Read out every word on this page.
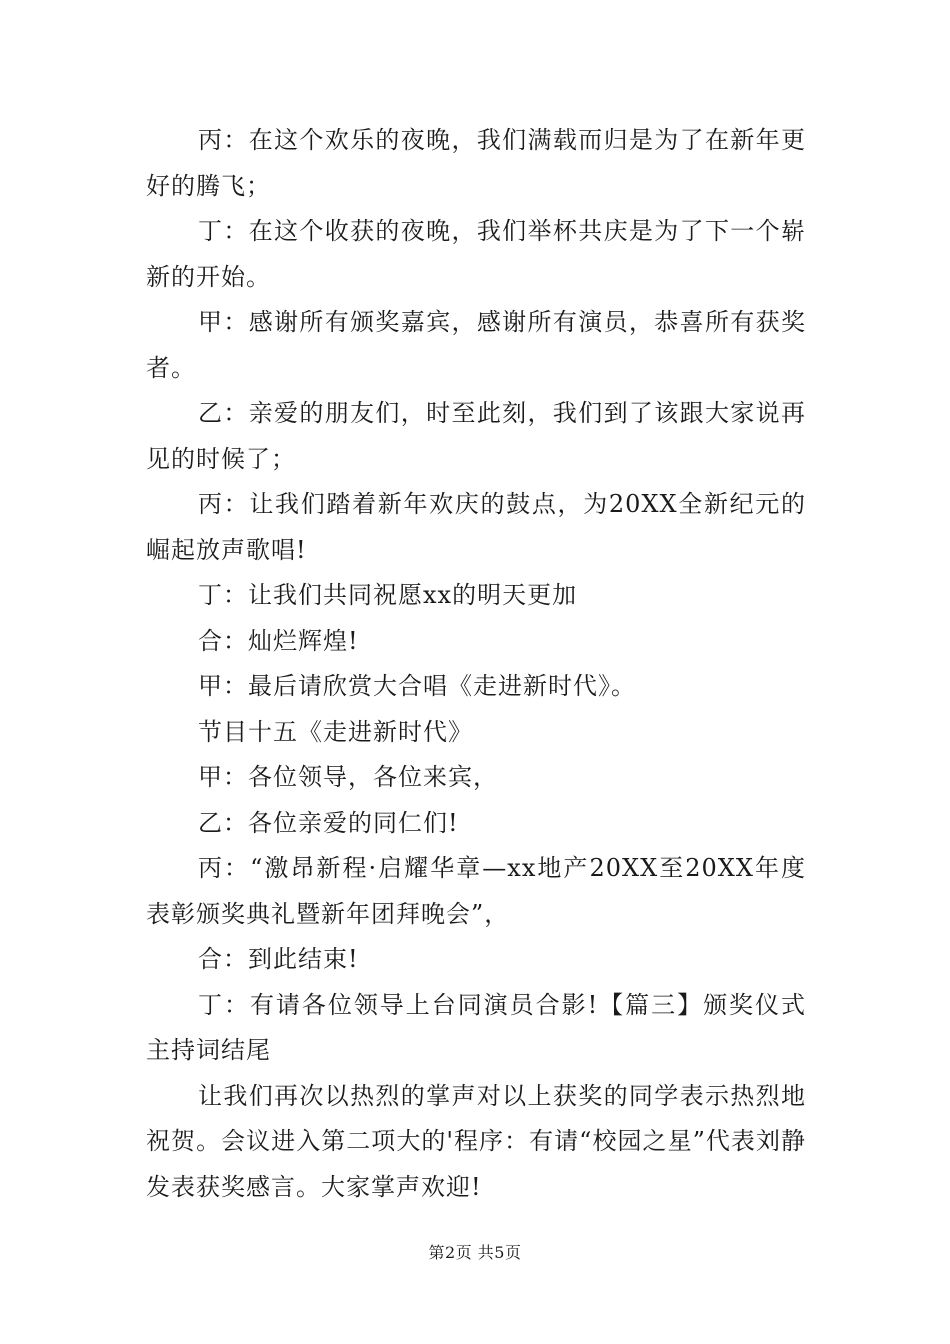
丙：在这个欢乐的夜晚，我们满载而归是为了在新年更好的腾飞；

丁：在这个收获的夜晚，我们举杯共庆是为了下一个崭新的开始。

甲：感谢所有颁奖嘉宾，感谢所有演员，恭喜所有获奖者。

乙：亲爱的朋友们，时至此刻，我们到了该跟大家说再见的时候了；

丙：让我们踏着新年欢庆的鼓点，为20XX全新纪元的崛起放声歌唱!

丁：让我们共同祝愿xx的明天更加

合：灿烂辉煌!

甲：最后请欣赏大合唱《走进新时代》。

节目十五《走进新时代》

甲：各位领导，各位来宾，

乙：各位亲爱的同仁们!

丙：“激昂新程·启耀华章—xx地产20XX至20XX年度表彰颁奖典礼暨新年团拜晚会”，

合：到此结束!

丁：有请各位领导上台同演员合影!【篇三】颁奖仪式主持词结尾

让我们再次以热烈的掌声对以上获奖的同学表示热烈地祝贺。会议进入第二项大的'程序：有请“校园之星”代表刘静发表获奖感言。大家掌声欢迎!

第2页 共5页
